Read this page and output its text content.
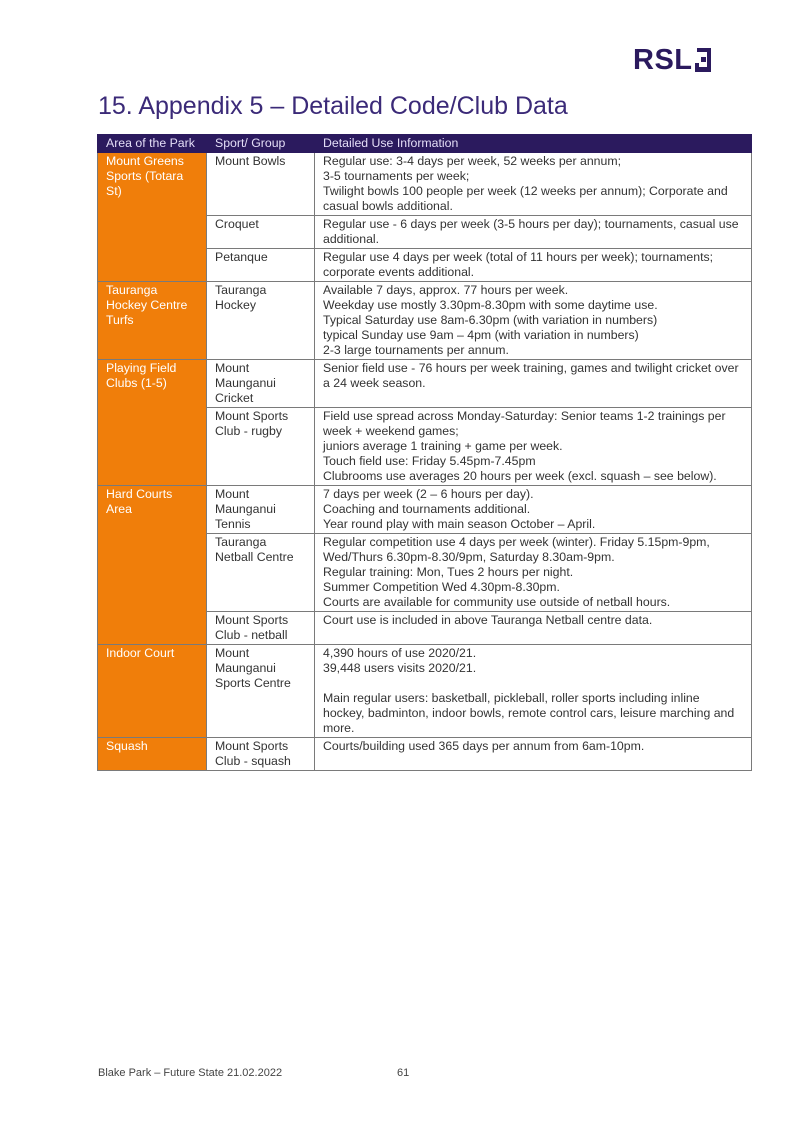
RSL
15. Appendix 5 – Detailed Code/Club Data
Area of the Park	Sport/ Group	Detailed Use Information
Mount Greens Sports (Totara St)	Mount Bowls	Regular use: 3-4 days per week, 52 weeks per annum;
3-5 tournaments per week;
Twilight bowls 100 people per week (12 weeks per annum); Corporate and casual bowls additional.

	Croquet	Regular use - 6 days per week (3-5 hours per day); tournaments, casual use additional.

	Petanque	Regular use 4 days per week (total of 11 hours per week); tournaments; corporate events additional.

Tauranga Hockey Centre Turfs	Tauranga Hockey	Available 7 days, approx. 77 hours per week.
Weekday use mostly 3.30pm-8.30pm with some daytime use.
Typical Saturday use 8am-6.30pm (with variation in numbers)
typical Sunday use 9am – 4pm (with variation in numbers)
2-3 large tournaments per annum.

Playing Field Clubs (1-5)	Mount Maunganui Cricket	Senior field use - 76 hours per week training, games and twilight cricket over a 24 week season.

	Mount Sports Club - rugby	Field use spread across Monday-Saturday: Senior teams 1-2 trainings per week + weekend games;
juniors average 1 training + game per week.
Touch field use: Friday 5.45pm-7.45pm
Clubrooms use averages 20 hours per week (excl. squash – see below).

Hard Courts Area	Mount Maunganui Tennis	7 days per week (2 – 6 hours per day).
Coaching and tournaments additional.
Year round play with main season October – April.

	Tauranga Netball Centre	Regular competition use 4 days per week (winter). Friday 5.15pm-9pm, Wed/Thurs 6.30pm-8.30/9pm, Saturday 8.30am-9pm.
Regular training: Mon, Tues 2 hours per night.
Summer Competition Wed 4.30pm-8.30pm.
Courts are available for community use outside of netball hours.

	Mount Sports Club - netball	Court use is included in above Tauranga Netball centre data.

Indoor Court	Mount Maunganui Sports Centre	4,390 hours of use 2020/21.
39,448 users visits 2020/21.

Main regular users: basketball, pickleball, roller sports including inline hockey, badminton, indoor bowls, remote control cars, leisure marching and more.

Squash	Mount Sports Club - squash	Courts/building used 365 days per annum from 6am-10pm.
Blake Park – Future State 21.02.2022	61
